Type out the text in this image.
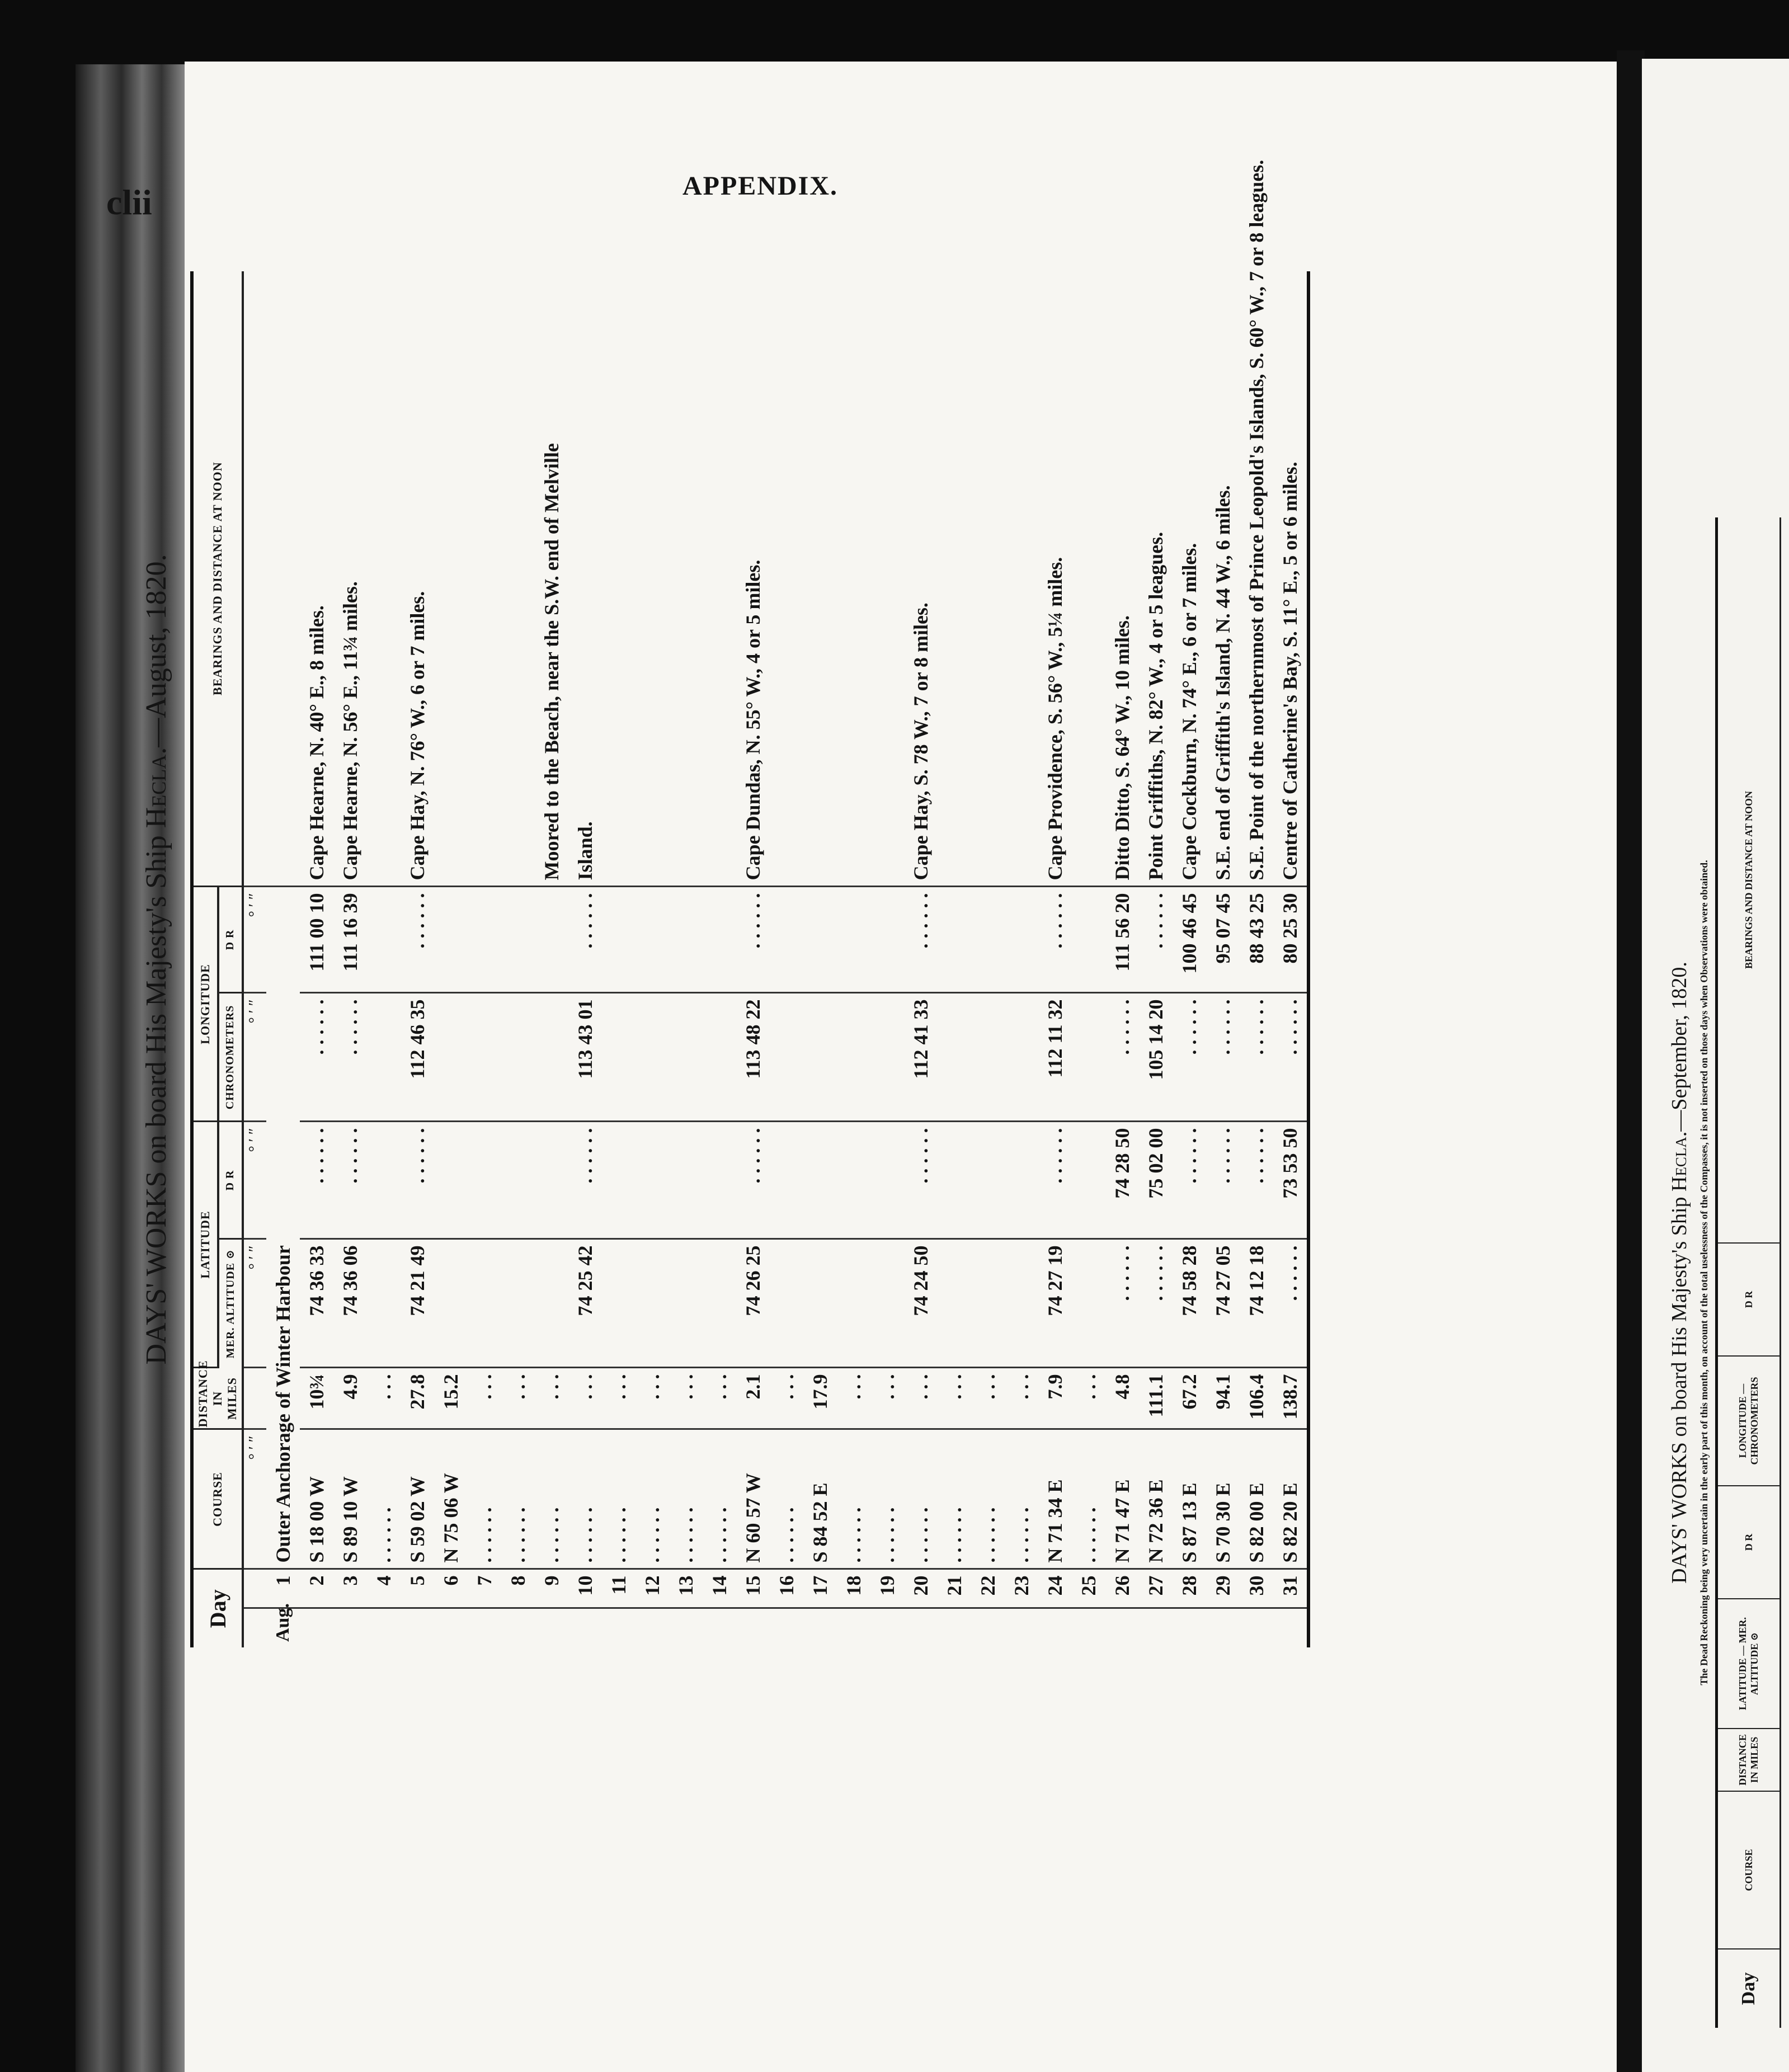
DAYS' WORKS on board His Majesty's Ship Hecla.—September, 1820. The Dead Reckoning being very uncertain in the early part of this month, on account of the total uselessness of the Compasses, it is not inserted on those days when Observations were obtained.
Day
COURSE
DISTANCE IN MILES
LATITUDE — MER. ALTITUDE ⊙
D R
LONGITUDE — CHRONOMETERS
D R
BEARINGS AND DISTANCE AT NOON
clii	APPENDIX.
DAYS' WORKS on board His Majesty's Ship Hecla.—August, 1820.
Day		COURSE	DISTANCE IN MILES	LATITUDE		LONGITUDE		BEARINGS AND DISTANCE AT NOON
				MER. ALTITUDE ⊙	D R	CHRONOMETERS	D R	
		° ′ ″		° ′ ″	° ′ ″	° ′ ″	° ′ ″	
Aug.	1	Outer Anchorage of Winter Harbour						
	2	S 18 00 W	10¾	74 36 33	. . . . . .	. . . . . .	111 00 10	Cape Hearne, N. 40° E., 8 miles.
	3	S 89 10 W	4.9	74 36 06	. . . . . .	. . . . . .	111 16 39	Cape Hearne, N. 56° E., 11¾ miles.
	4	. . . . . .	. . .					
	5	S 59 02 W	27.8	74 21 49	. . . . . .	112 46 35	. . . . . .	Cape Hay, N. 76° W., 6 or 7 miles.
	6	N 75 06 W	15.2					
	7	. . . . . .	. . .					
	8	. . . . . .	. . .					
	9	. . . . . .	. . .					Moored to the Beach, near the S.W. end of Melville
	10	. . . . . .	. . .	74 25 42	. . . . . .	113 43 01	. . . . . .	Island.
	11	. . . . . .	. . .					
	12	. . . . . .	. . .					
	13	. . . . . .	. . .					
	14	. . . . . .	. . .					
	15	N 60 57 W	2.1	74 26 25	. . . . . .	113 48 22	. . . . . .	Cape Dundas, N. 55° W., 4 or 5 miles.
	16	. . . . . .	. . .					
	17	S 84 52 E	17.9					
	18	. . . . . .	. . .					
	19	. . . . . .	. . .					
	20	. . . . . .	. . .	74 24 50	. . . . . .	112 41 33	. . . . . .	Cape Hay, S. 78 W., 7 or 8 miles.
	21	. . . . . .	. . .					
	22	. . . . . .	. . .					
	23	. . . . . .	. . .					
	24	N 71 34 E	7.9	74 27 19	. . . . . .	112 11 32	. . . . . .	Cape Providence, S. 56° W., 5¼ miles.
	25	. . . . . .	. . .					
	26	N 71 47 E	4.8	. . . . . .	74 28 50	. . . . . .	111 56 20	Ditto Ditto, S. 64° W., 10 miles.
	27	N 72 36 E	111.1	. . . . . .	75 02 00	105 14 20	. . . . . .	Point Griffiths, N. 82° W., 4 or 5 leagues.
	28	S 87 13 E	67.2	74 58 28	. . . . . .	. . . . . .	100 46 45	Cape Cockburn, N. 74° E., 6 or 7 miles.
	29	S 70 30 E	94.1	74 27 05	. . . . . .	. . . . . .	95 07 45	S.E. end of Griffith's Island, N. 44 W., 6 miles.
	30	S 82 00 E	106.4	74 12 18	. . . . . .	. . . . . .	88 43 25	S.E. Point of the northernmost of Prince Leopold's Islands, S. 60° W., 7 or 8 leagues.
	31	S 82 20 E	138.7	. . . . . .	73 53 50	. . . . . .	80 25 30	Centre of Catherine's Bay, S. 11° E., 5 or 6 miles.
